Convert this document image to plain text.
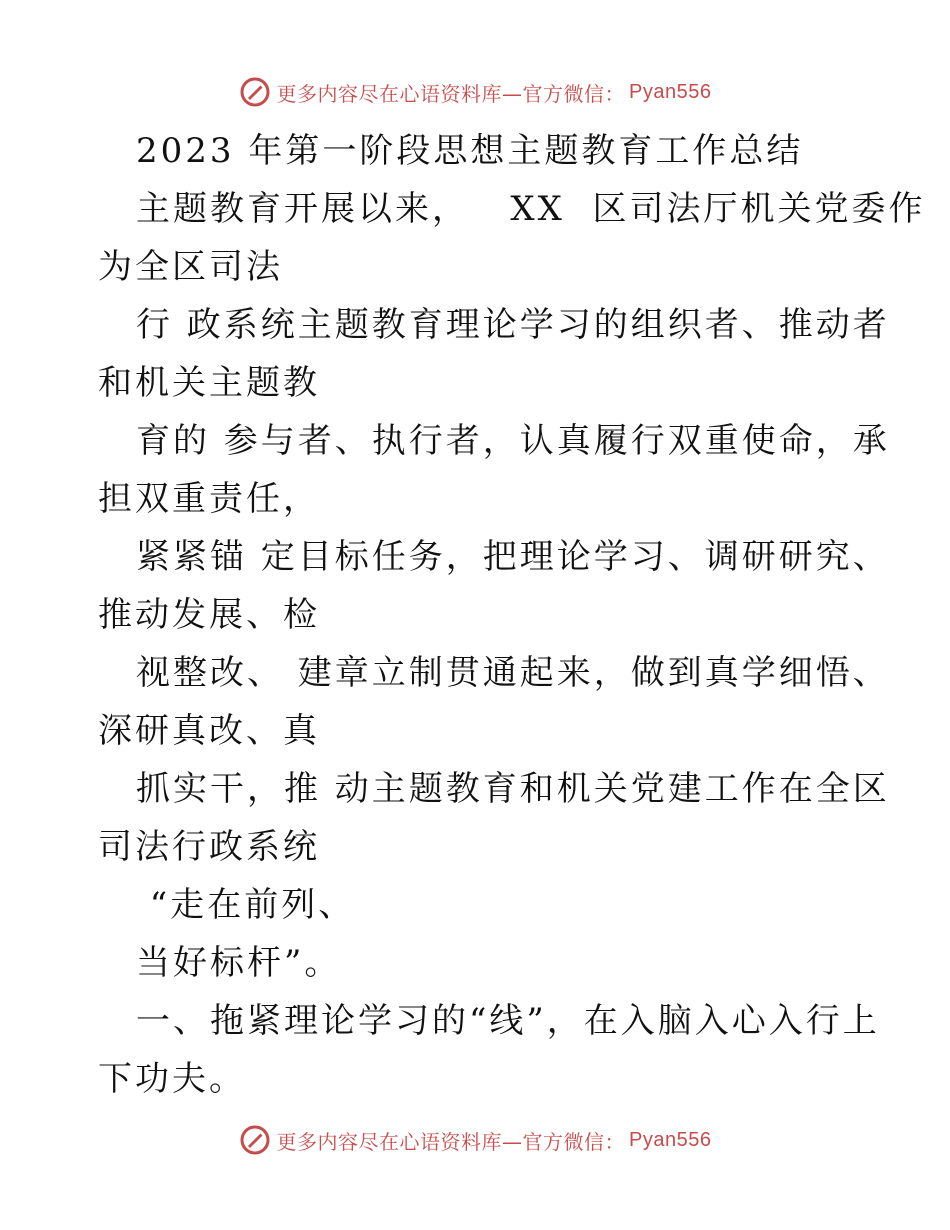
更多内容尽在心语资料库—官方微信： Pyan556
2023 年第一阶段思想主题教育工作总结
主题教育开展以来，   XX  区司法厅机关党委作
为全区司法
行 政系统主题教育理论学习的组织者、推动者
和机关主题教
育的 参与者、执行者，认真履行双重使命，承
担双重责任，
紧紧锚 定目标任务，把理论学习、调研研究、
推动发展、检
视整改、 建章立制贯通起来，做到真学细悟、
深研真改、真
抓实干，推 动主题教育和机关党建工作在全区
司法行政系统
“走在前列、
当好标杆”。
一、拖紧理论学习的“线”，在入脑入心入行上
下功夫。
更多内容尽在心语资料库—官方微信： Pyan556
